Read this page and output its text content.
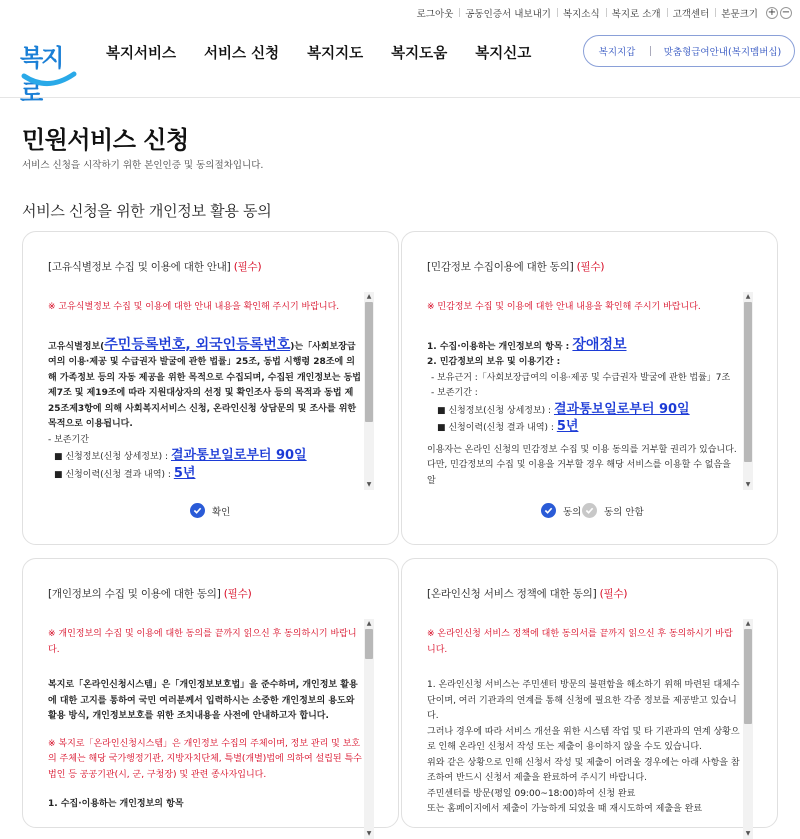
로그아웃	공동인증서 내보내기	복지소식	복지로 소개	고객센터	본문크기 + −
복지로
복지서비스 서비스 신청 복지지도 복지도움 복지신고	복지지갑	맞춤형급여안내(복지멤버십)
민원서비스 신청
서비스 신청을 시작하기 위한 본인인증 및 동의절차입니다.
서비스 신청을 위한 개인정보 활용 동의
[고유식별정보 수집 및 이용에 대한 안내] (필수)
※ 고유식별정보 수집 및 이용에 대한 안내 내용을 확인해 주시기 바랍니다.
고유식별정보(주민등록번호, 외국인등록번호)는「사회보장급여의 이용·제공 및 수급권자 발굴에 관한 법률」25조, 동법 시행령 28조에 의해 가족정보 등의 자동 제공을 위한 목적으로 수집되며, 수집된 개인정보는 동법 제7조 및 제19조에 따라 지원대상자의 선정 및 확인조사 등의 목적과 동법 제25조제3항에 의해 사회복지서비스 신청, 온라인신청 상담문의 및 조사를 위한 목적으로 이용됩니다.
- 보존기간
■ 신청정보(신청 상세정보) : 결과통보일로부터 90일
■ 신청이력(신청 결과 내역) : 5년
▲
▼
확인
[민감정보 수집이용에 대한 동의] (필수)
※ 민감정보 수집 및 이용에 대한 안내 내용을 확인해 주시기 바랍니다.
1. 수집·이용하는 개인정보의 항목 : 장애정보
2. 민감정보의 보유 및 이용기간 :
- 보유근거 :「사회보장급여의 이용·제공 및 수급권자 발굴에 관한 법률」7조
- 보존기간 :
■ 신청정보(신청 상세정보) : 결과통보일로부터 90일
■ 신청이력(신청 결과 내역) : 5년
이용자는 온라인 신청의 민감정보 수집 및 이용 동의를 거부할 권리가 있습니다.
다만, 민감정보의 수집 및 이용을 거부할 경우 해당 서비스를 이용할 수 없음을 알
▲
▼
동의 동의 안함
[개인정보의 수집 및 이용에 대한 동의] (필수)
※ 개인정보의 수집 및 이용에 대한 동의를 끝까지 읽으신 후 동의하시기 바랍니다.
복지로「온라인신청시스템」은「개인정보보호법」을 준수하며, 개인정보 활용에 대한 고지를 통하여 국민 여러분께서 입력하시는 소중한 개인정보의 용도와 활용 방식, 개인정보보호를 위한 조치내용을 사전에 안내하고자 합니다.
※ 복지로「온라인신청시스템」은 개인정보 수집의 주체이며, 정보 관리 및 보호의 주체는 해당 국가행정기관, 지방자치단체, 특별(개별)법에 의하여 설립된 특수법인 등 공공기관(시, 군, 구청장) 및 관련 종사자입니다.
1. 수집·이용하는 개인정보의 항목
▲
▼
[온라인신청 서비스 정책에 대한 동의] (필수)
※ 온라인신청 서비스 정책에 대한 동의서를 끝까지 읽으신 후 동의하시기 바랍니다.
1. 온라인신청 서비스는 주민센터 방문의 불편함을 해소하기 위해 마련된 대체수단이며, 여러 기관과의 연계를 통해 신청에 필요한 각종 정보를 제공받고 있습니다.
그러나 경우에 따라 서비스 개선을 위한 시스템 작업 및 타 기관과의 연계 상황으로 인해 온라인 신청서 작성 또는 제출이 용이하지 않을 수도 있습니다.
위와 같은 상황으로 인해 신청서 작성 및 제출이 어려울 경우에는 아래 사항을 참조하여 반드시 신청서 제출을 완료하여 주시기 바랍니다.
주민센터를 방문(평일 09:00~18:00)하여 신청 완료
또는 홈페이지에서 제출이 가능하게 되었을 때 재시도하여 제출을 완료
▲
▼
